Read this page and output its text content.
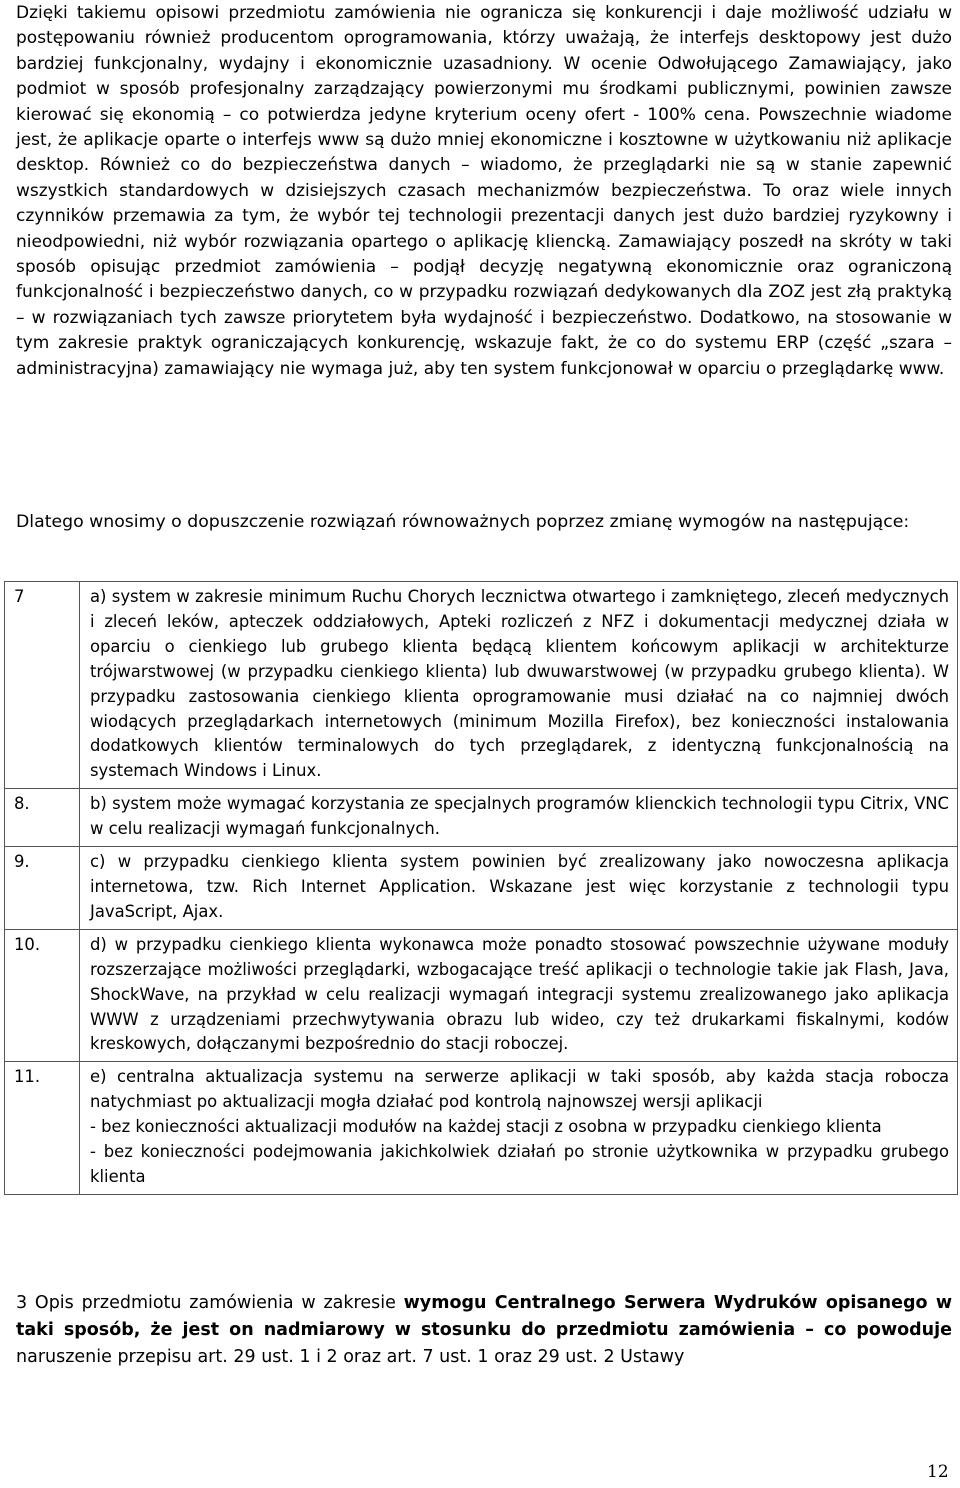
Dzięki takiemu opisowi przedmiotu zamówienia nie ogranicza się konkurencji i daje możliwość udziału w postępowaniu również producentom oprogramowania, którzy uważają, że interfejs desktopowy jest dużo bardziej funkcjonalny, wydajny i ekonomicznie uzasadniony. W ocenie Odwołującego Zamawiający, jako podmiot w sposób profesjonalny zarządzający powierzonymi mu środkami publicznymi, powinien zawsze kierować się ekonomią – co potwierdza jedyne kryterium oceny ofert - 100% cena. Powszechnie wiadome jest, że aplikacje oparte o interfejs www są dużo mniej ekonomiczne i kosztowne w użytkowaniu niż aplikacje desktop. Również co do bezpieczeństwa danych – wiadomo, że przeglądarki nie są w stanie zapewnić wszystkich standardowych w dzisiejszych czasach mechanizmów bezpieczeństwa. To oraz wiele innych czynników przemawia za tym, że wybór tej technologii prezentacji danych jest dużo bardziej ryzykowny i nieodpowiedni, niż wybór rozwiązania opartego o aplikację kliencką. Zamawiający poszedł na skróty w taki sposób opisując przedmiot zamówienia – podjął decyzję negatywną ekonomicznie oraz ograniczoną funkcjonalność i bezpieczeństwo danych, co w przypadku rozwiązań dedykowanych dla ZOZ jest złą praktyką – w rozwiązaniach tych zawsze priorytetem była wydajność i bezpieczeństwo. Dodatkowo, na stosowanie w tym zakresie praktyk ograniczających konkurencję, wskazuje fakt, że co do systemu ERP (część „szara – administracyjna) zamawiający nie wymaga już, aby ten system funkcjonował w oparciu o przeglądarkę www.

Dlatego wnosimy o dopuszczenie rozwiązań równoważnych poprzez zmianę wymogów na następujące:

7	a) system w zakresie minimum Ruchu Chorych lecznictwa otwartego i zamkniętego, zleceń medycznych i zleceń leków, apteczek oddziałowych, Apteki rozliczeń z NFZ i dokumentacji medycznej działa w oparciu o cienkiego lub grubego klienta będącą klientem końcowym aplikacji w architekturze trójwarstwowej (w przypadku cienkiego klienta) lub dwuwarstwowej (w przypadku grubego klienta). W przypadku zastosowania cienkiego klienta oprogramowanie musi działać na co najmniej dwóch wiodących przeglądarkach internetowych (minimum Mozilla Firefox), bez konieczności instalowania dodatkowych klientów terminalowych do tych przeglądarek, z identyczną funkcjonalnością na systemach Windows i Linux.

8.	b) system może wymagać korzystania ze specjalnych programów klienckich technologii typu Citrix, VNC w celu realizacji wymagań funkcjonalnych.

9.	c) w przypadku cienkiego klienta system powinien być zrealizowany jako nowoczesna aplikacja internetowa, tzw. Rich Internet Application. Wskazane jest więc korzystanie z technologii typu JavaScript, Ajax.

10.	d) w przypadku cienkiego klienta wykonawca może ponadto stosować powszechnie używane moduły rozszerzające możliwości przeglądarki, wzbogacające treść aplikacji o technologie takie jak Flash, Java, ShockWave, na przykład w celu realizacji wymagań integracji systemu zrealizowanego jako aplikacja WWW z urządzeniami przechwytywania obrazu lub wideo, czy też drukarkami fiskalnymi, kodów kreskowych, dołączanymi bezpośrednio do stacji roboczej.

11.	e) centralna aktualizacja systemu na serwerze aplikacji w taki sposób, aby każda stacja robocza natychmiast po aktualizacji mogła działać pod kontrolą najnowszej wersji aplikacji
- bez konieczności aktualizacji modułów na każdej stacji z osobna w przypadku cienkiego klienta
- bez konieczności podejmowania jakichkolwiek działań po stronie użytkownika w przypadku grubego klienta

3 Opis przedmiotu zamówienia w zakresie wymogu Centralnego Serwera Wydruków opisanego w taki sposób, że jest on nadmiarowy w stosunku do przedmiotu zamówienia – co powoduje naruszenie przepisu art. 29 ust. 1 i 2 oraz art. 7 ust. 1 oraz 29 ust. 2 Ustawy

12
